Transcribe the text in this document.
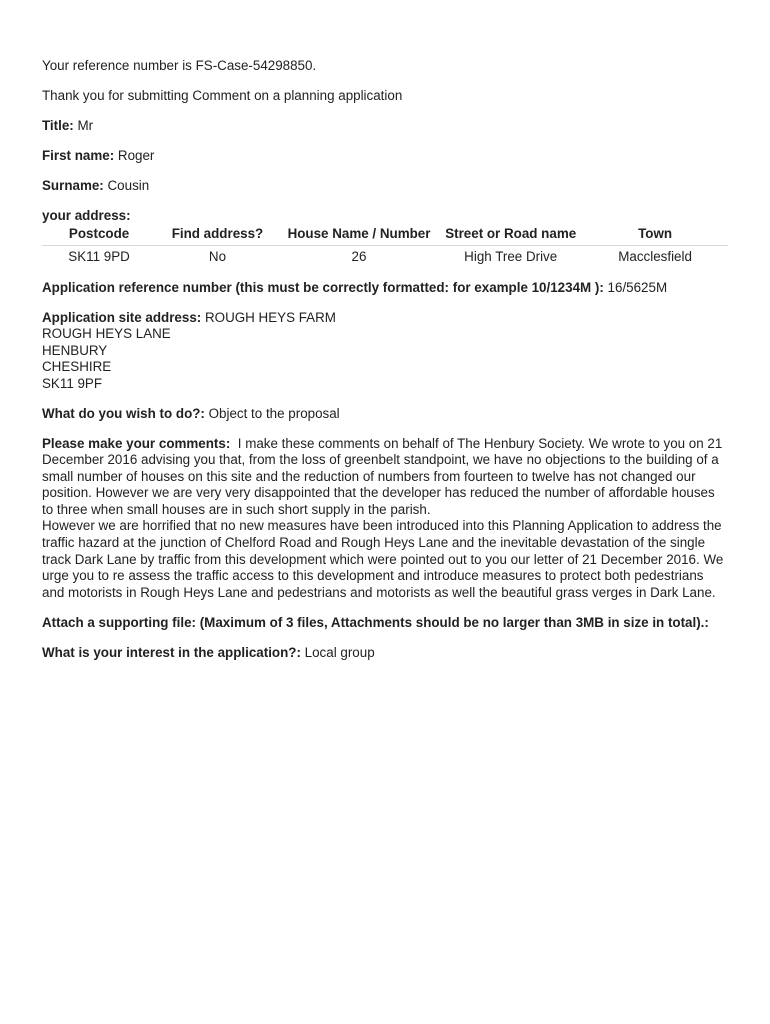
Your reference number is FS-Case-54298850.

Thank you for submitting Comment on a planning application

Title: Mr

First name: Roger

Surname: Cousin

your address:

Postcode	Find address?	House Name / Number	Street or Road name	Town
SK11 9PD	No	26	High Tree Drive	Macclesfield

Application reference number (this must be correctly formatted: for example 10/1234M ): 16/5625M

Application site address: ROUGH HEYS FARM

ROUGH HEYS LANE

HENBURY

CHESHIRE

SK11 9PF

What do you wish to do?: Object to the proposal

Please make your comments: I make these comments on behalf of The Henbury Society. We wrote to you on 21 December 2016 advising you that, from the loss of greenbelt standpoint, we have no objections to the building of a small number of houses on this site and the reduction of numbers from fourteen to twelve has not changed our position. However we are very very disappointed that the developer has reduced the number of affordable houses to three when small houses are in such short supply in the parish.

However we are horrified that no new measures have been introduced into this Planning Application to address the traffic hazard at the junction of Chelford Road and Rough Heys Lane and the inevitable devastation of the single track Dark Lane by traffic from this development which were pointed out to you our letter of 21 December 2016. We urge you to re assess the traffic access to this development and introduce measures to protect both pedestrians and motorists in Rough Heys Lane and pedestrians and motorists as well the beautiful grass verges in Dark Lane.

Attach a supporting file: (Maximum of 3 files, Attachments should be no larger than 3MB in size in total).:

What is your interest in the application?: Local group
